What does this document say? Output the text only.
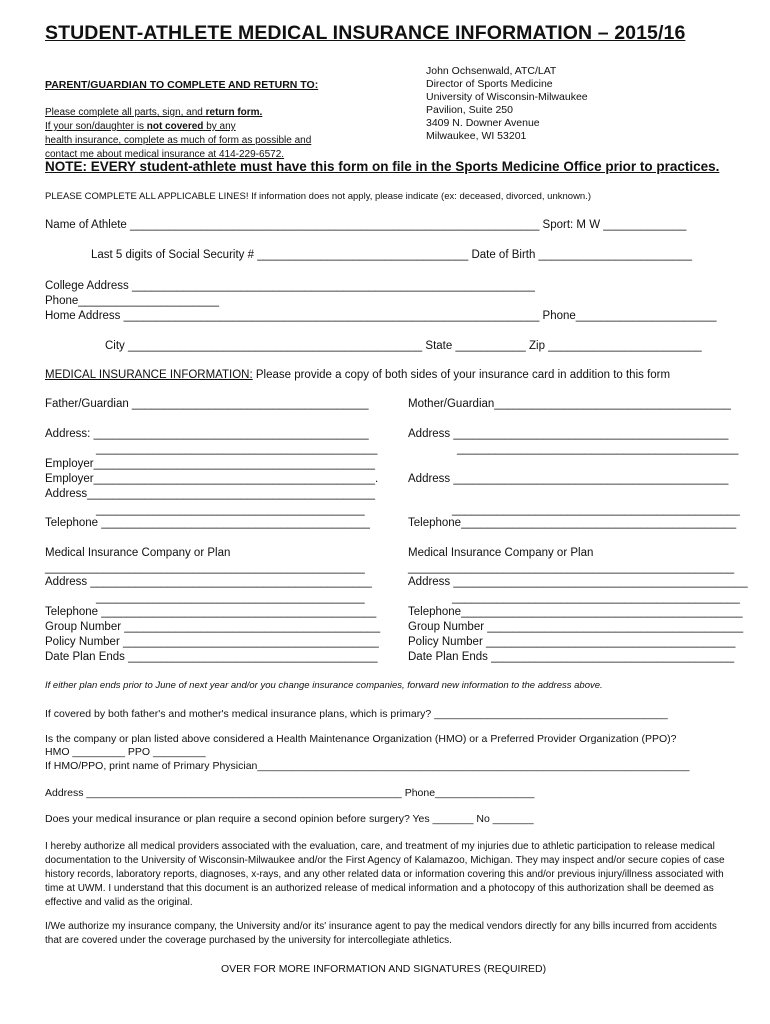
STUDENT-ATHLETE MEDICAL INSURANCE INFORMATION – 2015/16
PARENT/GUARDIAN TO COMPLETE AND RETURN TO:
John Ochsenwald, ATC/LAT
Director of Sports Medicine
University of Wisconsin-Milwaukee
Pavilion, Suite 250
3409 N. Downer Avenue
Milwaukee, WI 53201
Please complete all parts, sign, and return form.
If your son/daughter is not covered by any
health insurance, complete as much of form as possible and
contact me about medical insurance at 414-229-6572.
NOTE: EVERY student-athlete must have this form on file in the Sports Medicine Office prior to practices.
PLEASE COMPLETE ALL APPLICABLE LINES! If information does not apply, please indicate (ex: deceased, divorced, unknown.)
Name of Athlete ________________________________________________________________ Sport: M W _____________
Last 5 digits of Social Security # _________________________________ Date of Birth ________________________
College Address _______________________________________________________________
Phone______________________
Home Address _________________________________________________________________ Phone______________________
City ______________________________________________ State ___________ Zip ________________________
MEDICAL INSURANCE INFORMATION: Please provide a copy of both sides of your insurance card in addition to this form
Father/Guardian _____________________________________	Mother/Guardian_____________________________________
Address: ___________________________________________	Address ___________________________________________
____________________________________________	____________________________________________
Employer____________________________________________
Employer____________________________________________.	Address ___________________________________________
Address_____________________________________________
__________________________________________	_____________________________________________
Telephone __________________________________________	Telephone___________________________________________
Medical Insurance Company or Plan	Medical Insurance Company or Plan
__________________________________________________	___________________________________________________
Address ____________________________________________	Address ______________________________________________
__________________________________________	_____________________________________________
Telephone ___________________________________________	Telephone____________________________________________
Group Number ________________________________________ Group Number ________________________________________
Policy Number ________________________________________	Policy Number _______________________________________
Date Plan Ends _______________________________________	Date Plan Ends ______________________________________
If either plan ends prior to June of next year and/or you change insurance companies, forward new information to the address above.
If covered by both father's and mother's medical insurance plans, which is primary? ________________________________________
Is the company or plan listed above considered a Health Maintenance Organization (HMO) or a Preferred Provider Organization (PPO)?
HMO _________ PPO _________
If HMO/PPO, print name of Primary Physician__________________________________________________________________________
Address ______________________________________________________ Phone_________________
Does your medical insurance or plan require a second opinion before surgery? Yes _______ No _______
I hereby authorize all medical providers associated with the evaluation, care, and treatment of my injuries due to athletic participation to release medical documentation to the University of Wisconsin-Milwaukee and/or the First Agency of Kalamazoo, Michigan. They may inspect and/or secure copies of case history records, laboratory reports, diagnoses, x-rays, and any other related data or information covering this and/or previous injury/illness associated with time at UWM. I understand that this document is an authorized release of medical information and a photocopy of this authorization shall be deemed as effective and valid as the original.
I/We authorize my insurance company, the University and/or its' insurance agent to pay the medical vendors directly for any bills incurred from accidents that are covered under the coverage purchased by the university for intercollegiate athletics.
OVER FOR MORE INFORMATION AND SIGNATURES (REQUIRED)
